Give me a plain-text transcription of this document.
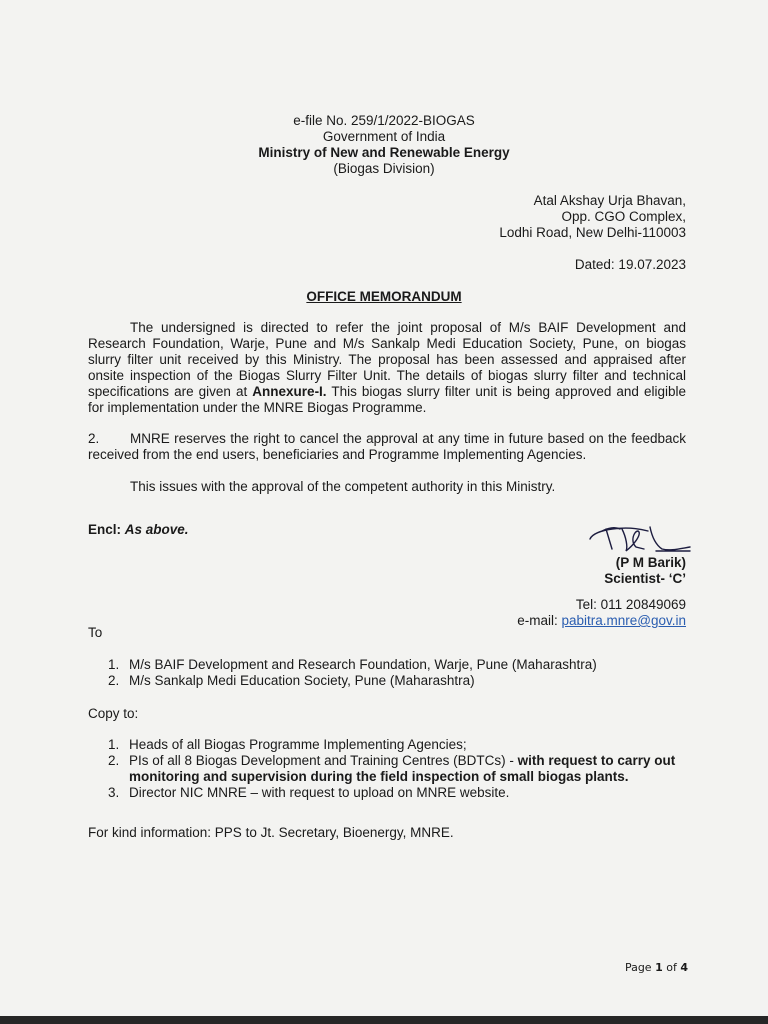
e-file No. 259/1/2022-BIOGAS
Government of India
Ministry of New and Renewable Energy
(Biogas Division)
Atal Akshay Urja Bhavan,
Opp. CGO Complex,
Lodhi Road, New Delhi-110003
Dated: 19.07.2023
OFFICE MEMORANDUM

The undersigned is directed to refer the joint proposal of M/s BAIF Development and Research Foundation, Warje, Pune and M/s Sankalp Medi Education Society, Pune, on biogas slurry filter unit received by this Ministry. The proposal has been assessed and appraised after onsite inspection of the Biogas Slurry Filter Unit. The details of biogas slurry filter and technical specifications are given at Annexure-I. This biogas slurry filter unit is being approved and eligible for implementation under the MNRE Biogas Programme.

2. MNRE reserves the right to cancel the approval at any time in future based on the feedback received from the end users, beneficiaries and Programme Implementing Agencies.

This issues with the approval of the competent authority in this Ministry.
Encl: As above.
(P M Barik)
Scientist- ‘C’
Tel: 011 20849069
e-mail: pabitra.mnre@gov.in
To
1. M/s BAIF Development and Research Foundation, Warje, Pune (Maharashtra)
2. M/s Sankalp Medi Education Society, Pune (Maharashtra)
Copy to:
1. Heads of all Biogas Programme Implementing Agencies;
2. PIs of all 8 Biogas Development and Training Centres (BDTCs) - with request to carry out monitoring and supervision during the field inspection of small biogas plants.
3. Director NIC MNRE – with request to upload on MNRE website.
For kind information: PPS to Jt. Secretary, Bioenergy, MNRE.
Page 1 of 4
